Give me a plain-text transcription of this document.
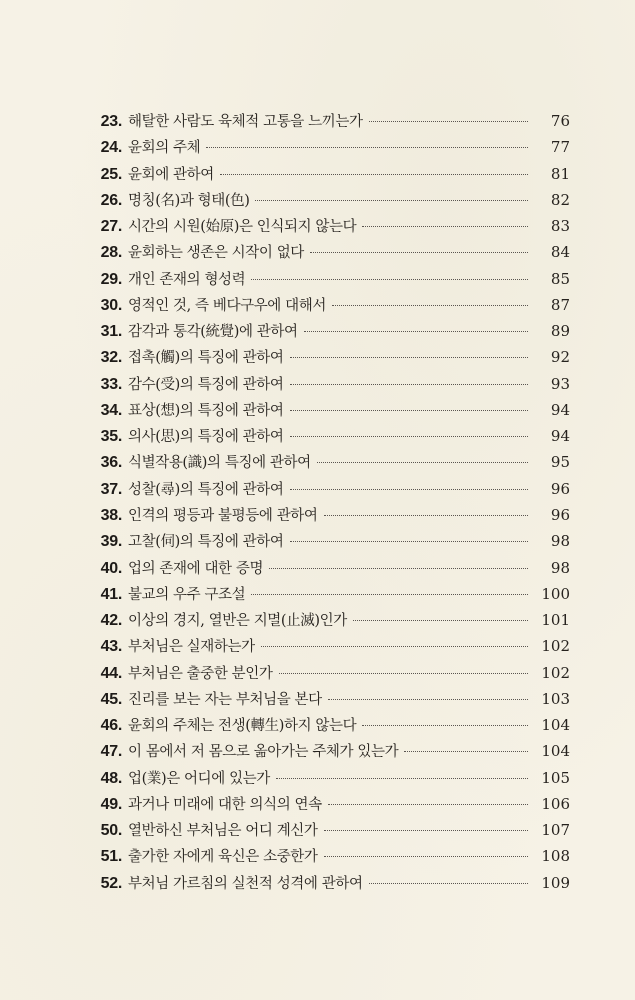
23. 해탈한 사람도 육체적 고통을 느끼는가	76
24. 윤회의 주체	77
25. 윤회에 관하여	81
26. 명칭(名)과 형태(色)	82
27. 시간의 시원(始原)은 인식되지 않는다	83
28. 윤회하는 생존은 시작이 없다	84
29. 개인 존재의 형성력	85
30. 영적인 것, 즉 베다구우에 대해서	87
31. 감각과 통각(統覺)에 관하여	89
32. 접촉(觸)의 특징에 관하여	92
33. 감수(受)의 특징에 관하여	93
34. 표상(想)의 특징에 관하여	94
35. 의사(思)의 특징에 관하여	94
36. 식별작용(識)의 특징에 관하여	95
37. 성찰(尋)의 특징에 관하여	96
38. 인격의 평등과 불평등에 관하여	96
39. 고찰(伺)의 특징에 관하여	98
40. 업의 존재에 대한 증명	98
41. 불교의 우주 구조설	100
42. 이상의 경지, 열반은 지멸(止滅)인가	101
43. 부처님은 실재하는가	102
44. 부처님은 출중한 분인가	102
45. 진리를 보는 자는 부처님을 본다	103
46. 윤회의 주체는 전생(轉生)하지 않는다	104
47. 이 몸에서 저 몸으로 옮아가는 주체가 있는가	104
48. 업(業)은 어디에 있는가	105
49. 과거나 미래에 대한 의식의 연속	106
50. 열반하신 부처님은 어디 계신가	107
51. 출가한 자에게 육신은 소중한가	108
52. 부처님 가르침의 실천적 성격에 관하여	109
